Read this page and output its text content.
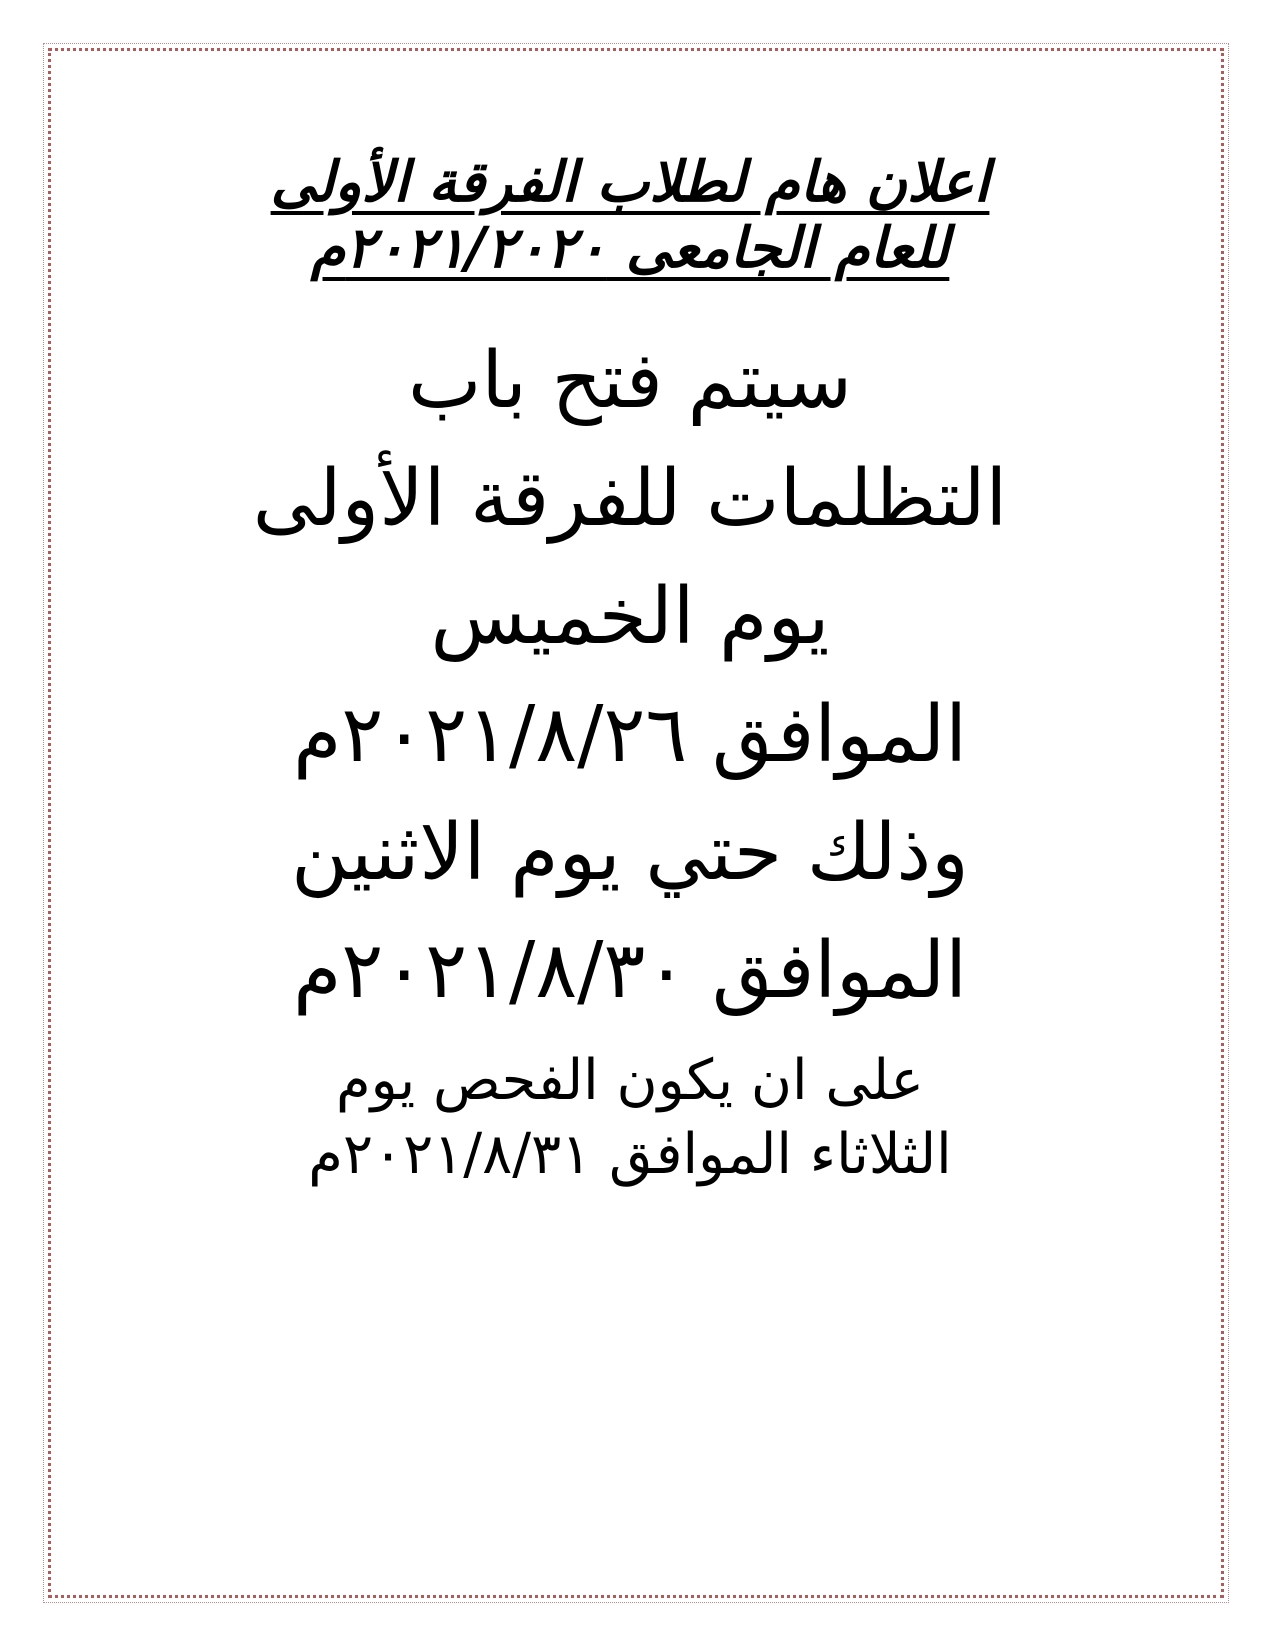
اعلان هام لطلاب الفرقة الأولى
للعام الجامعى ٢٠٢١/٢٠٢٠م
سيتم فتح باب
التظلمات للفرقة الأولى
يوم الخميس
الموافق ٢٠٢١/٨/٢٦م
وذلك حتي يوم الاثنين
الموافق ٢٠٢١/٨/٣٠م
على ان يكون الفحص يوم
الثلاثاء الموافق ٢٠٢١/٨/٣١م
